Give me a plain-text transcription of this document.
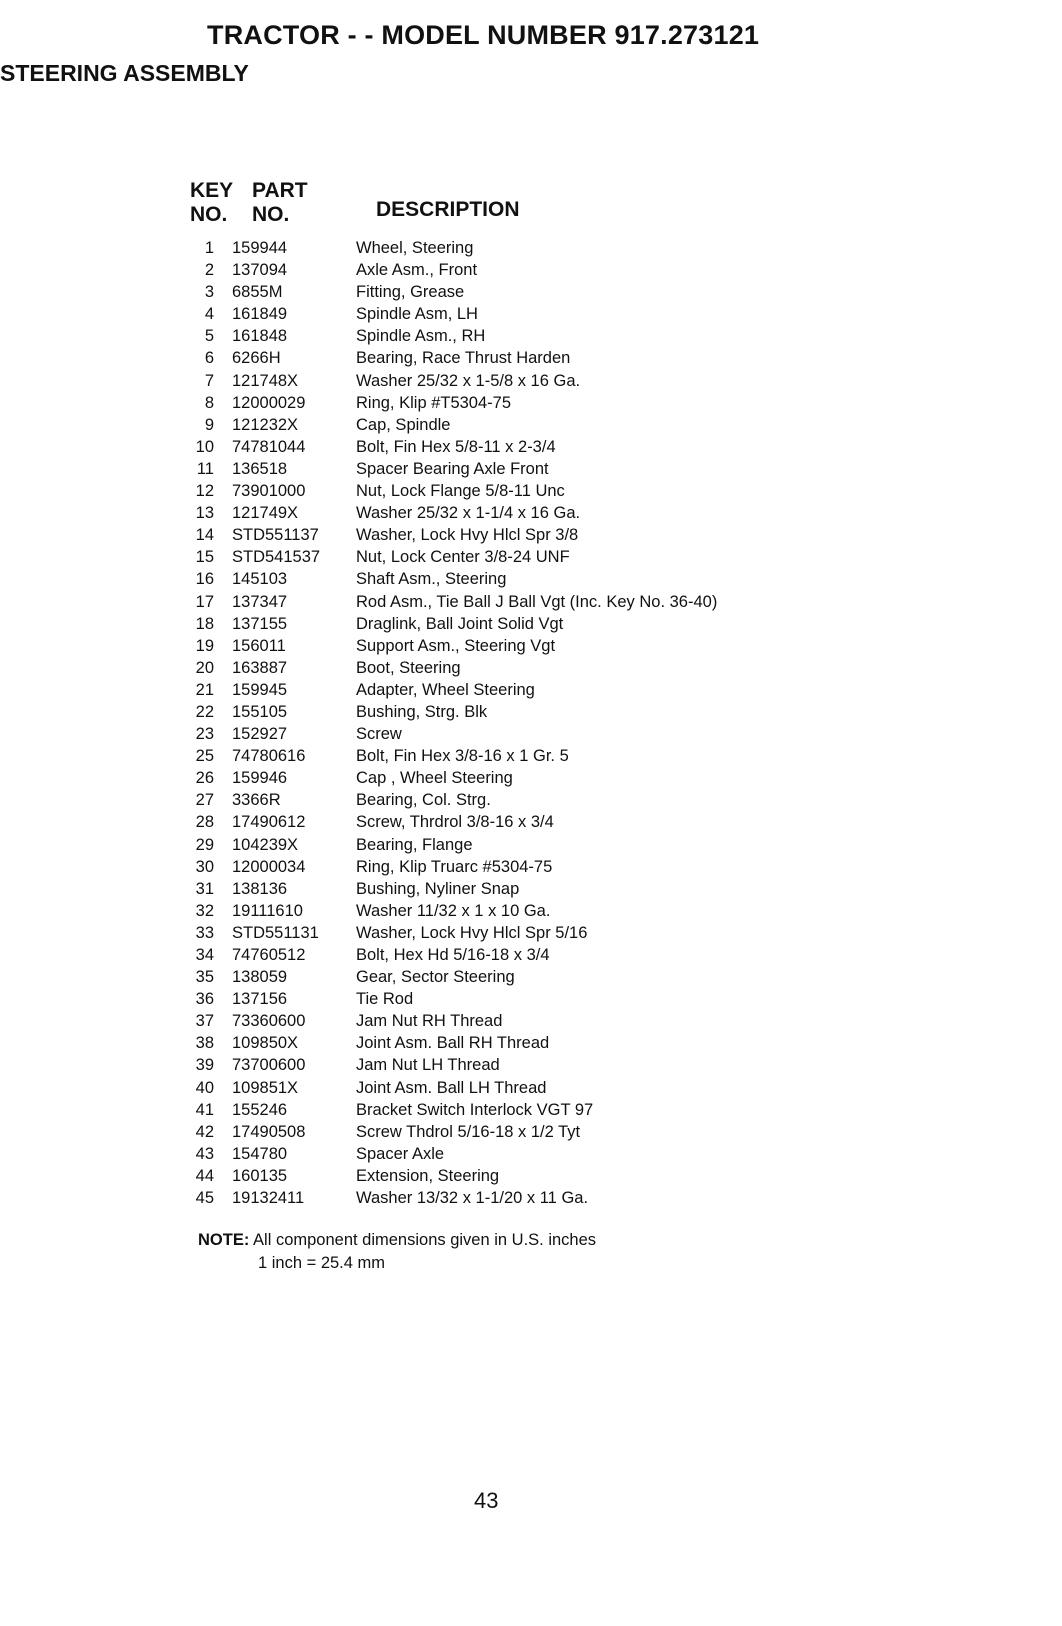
TRACTOR - - MODEL NUMBER 917.273121
STEERING ASSEMBLY
KEY
NO.
PART
NO.	DESCRIPTION
1	159944	Wheel, Steering
2	137094	Axle Asm., Front
3	6855M	Fitting, Grease
4	161849	Spindle Asm, LH
5	161848	Spindle Asm., RH
6	6266H	Bearing, Race Thrust Harden
7	121748X	Washer 25/32 x 1-5/8 x 16 Ga.
8	12000029	Ring, Klip #T5304-75
9	121232X	Cap, Spindle
10	74781044	Bolt, Fin Hex 5/8-11 x 2-3/4
11	136518	Spacer Bearing Axle Front
12	73901000	Nut, Lock Flange 5/8-11 Unc
13	121749X	Washer 25/32 x 1-1/4 x 16 Ga.
14	STD551137	Washer, Lock Hvy Hlcl Spr 3/8
15	STD541537	Nut, Lock Center 3/8-24 UNF
16	145103	Shaft Asm., Steering
17	137347	Rod Asm., Tie Ball J Ball Vgt (Inc. Key No. 36-40)
18	137155	Draglink, Ball Joint Solid Vgt
19	156011	Support Asm., Steering Vgt
20	163887	Boot, Steering
21	159945	Adapter, Wheel Steering
22	155105	Bushing, Strg. Blk
23	152927	Screw
25	74780616	Bolt, Fin Hex 3/8-16 x 1 Gr. 5
26	159946	Cap , Wheel Steering
27	3366R	Bearing, Col. Strg.
28	17490612	Screw, Thrdrol 3/8-16 x 3/4
29	104239X	Bearing, Flange
30	12000034	Ring, Klip Truarc #5304-75
31	138136	Bushing, Nyliner Snap
32	19111610	Washer 11/32 x 1 x 10 Ga.
33	STD551131	Washer, Lock Hvy Hlcl Spr 5/16
34	74760512	Bolt, Hex Hd 5/16-18 x 3/4
35	138059	Gear, Sector Steering
36	137156	Tie Rod
37	73360600	Jam Nut RH Thread
38	109850X	Joint Asm. Ball RH Thread
39	73700600	Jam Nut LH Thread
40	109851X	Joint Asm. Ball LH Thread
41	155246	Bracket Switch Interlock VGT 97
42	17490508	Screw Thdrol 5/16-18 x 1/2 Tyt
43	154780	Spacer Axle
44	160135	Extension, Steering
45	19132411	Washer 13/32 x 1-1/20 x 11 Ga.
NOTE: All component dimensions given in U.S. inches
1 inch = 25.4 mm
43
